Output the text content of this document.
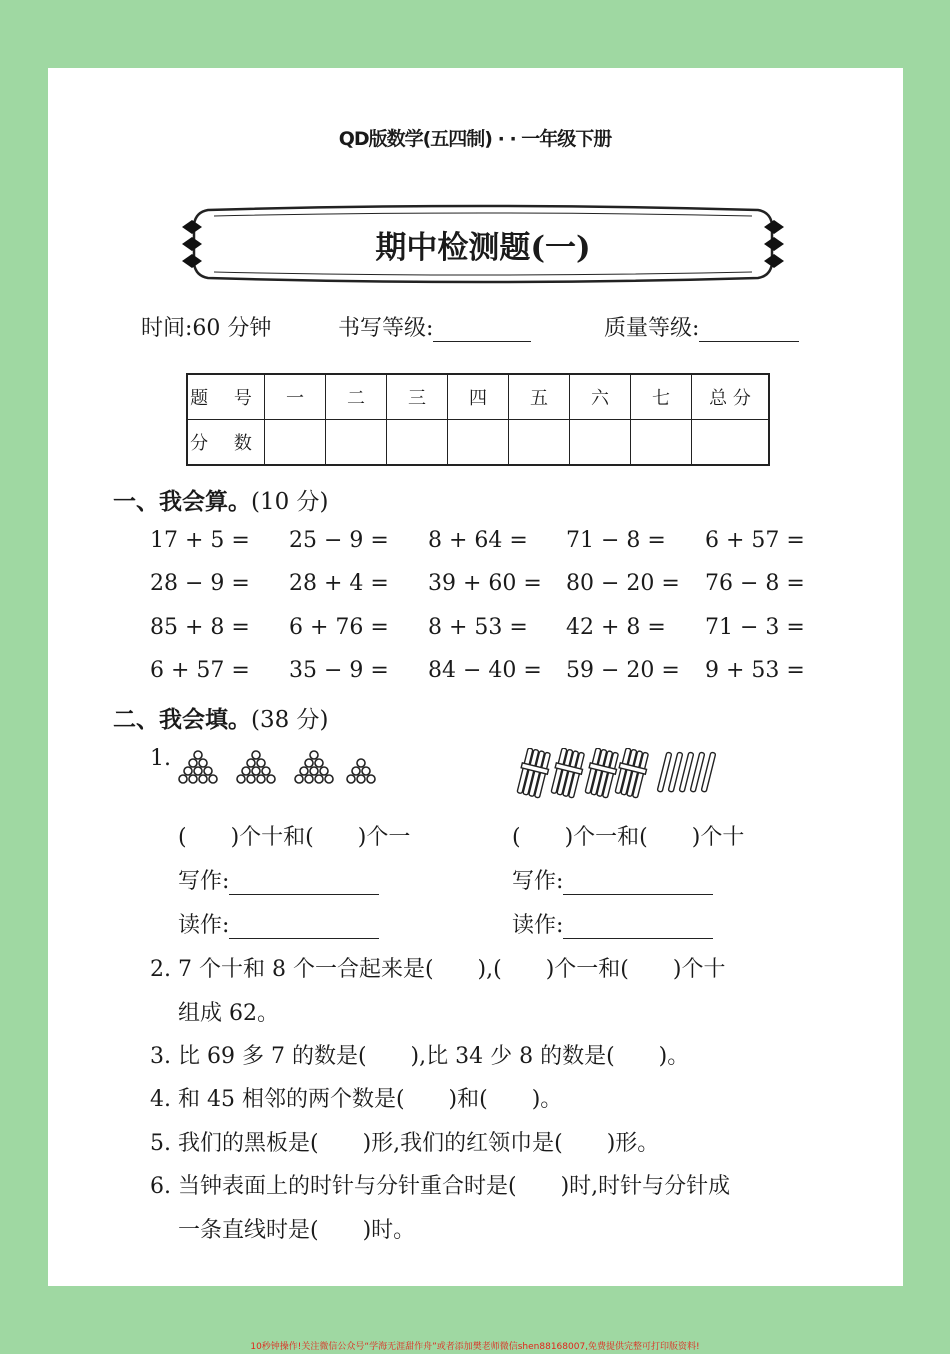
QD版数学(五四制) · · 一年级下册
期中检测题(一)
时间:60 分钟	书写等级:	质量等级:
题 号	一	二	三	四	五	六	七	总 分
分 数								
一、我会算。(10 分)
17 + 5 = 25 − 9 = 8 + 64 = 71 − 8 = 6 + 57 =
28 − 9 = 28 + 4 = 39 + 60 = 80 − 20 = 76 − 8 =
85 + 8 = 6 + 76 = 8 + 53 = 42 + 8 = 71 − 3 =
6 + 57 = 35 − 9 = 84 − 40 = 59 − 20 = 9 + 53 =
二、我会填。(38 分)
1.
(　　)个十和(　　)个一	(　　)个一和(　　)个十
写作:	写作:
读作:	读作:
2. 7 个十和 8 个一合起来是(　　),(　　)个一和(　　)个十
组成 62。
3. 比 69 多 7 的数是(　　),比 34 少 8 的数是(　　)。
4. 和 45 相邻的两个数是(　　)和(　　)。
5. 我们的黑板是(　　)形,我们的红领巾是(　　)形。
6. 当钟表面上的时针与分针重合时是(　　)时,时针与分针成
一条直线时是(　　)时。
10秒钟操作!关注微信公众号“学海无涯甜作舟”或者添加樊老师微信shen88168007,免费提供完整可打印版资料!
